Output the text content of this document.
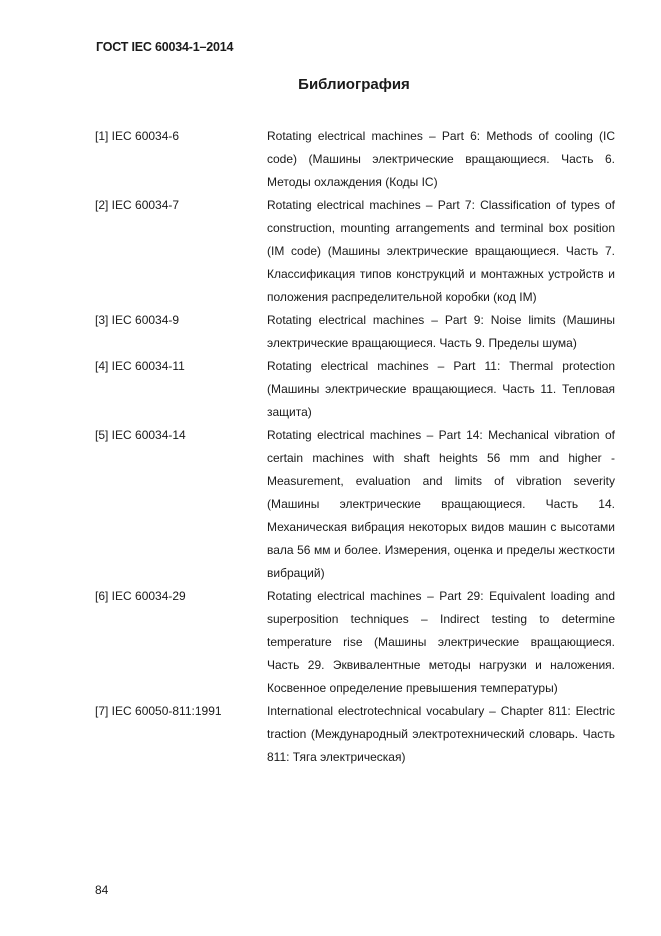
ГОСТ IEC 60034-1–2014
Библиография
[1] IEC 60034-6	Rotating electrical machines – Part 6: Methods of cooling (IC code) (Машины электрические вращающиеся. Часть 6. Методы охлаждения (Коды IC)
[2] IEC 60034-7	Rotating electrical machines – Part 7: Classification of types of construction, mounting arrangements and terminal box position (IM code) (Машины электрические вращающиеся. Часть 7. Классификация типов конструкций и монтажных устройств и положения распределительной коробки (код IM)
[3] IEC 60034-9	Rotating electrical machines – Part 9: Noise limits (Машины электрические вращающиеся. Часть 9. Пределы шума)
[4] IEC 60034-11	Rotating electrical machines – Part 11: Thermal protection (Машины электрические вращающиеся. Часть 11. Тепловая защита)
[5] IEC 60034-14	Rotating electrical machines – Part 14: Mechanical vibration of certain machines with shaft heights 56 mm and higher - Measurement, evaluation and limits of vibration severity (Машины электрические вращающиеся. Часть 14. Механическая вибрация некоторых видов машин с высотами вала 56 мм и более. Измерения, оценка и пределы жесткости вибраций)
[6] IEC 60034-29	Rotating electrical machines – Part 29: Equivalent loading and superposition techniques – Indirect testing to determine temperature rise (Машины электрические вращающиеся. Часть 29. Эквивалентные методы нагрузки и наложения. Косвенное определение превышения температуры)
[7] IEC 60050-811:1991	International electrotechnical vocabulary – Chapter 811: Electric traction (Международный электротехнический словарь. Часть 811: Тяга электрическая)
84
